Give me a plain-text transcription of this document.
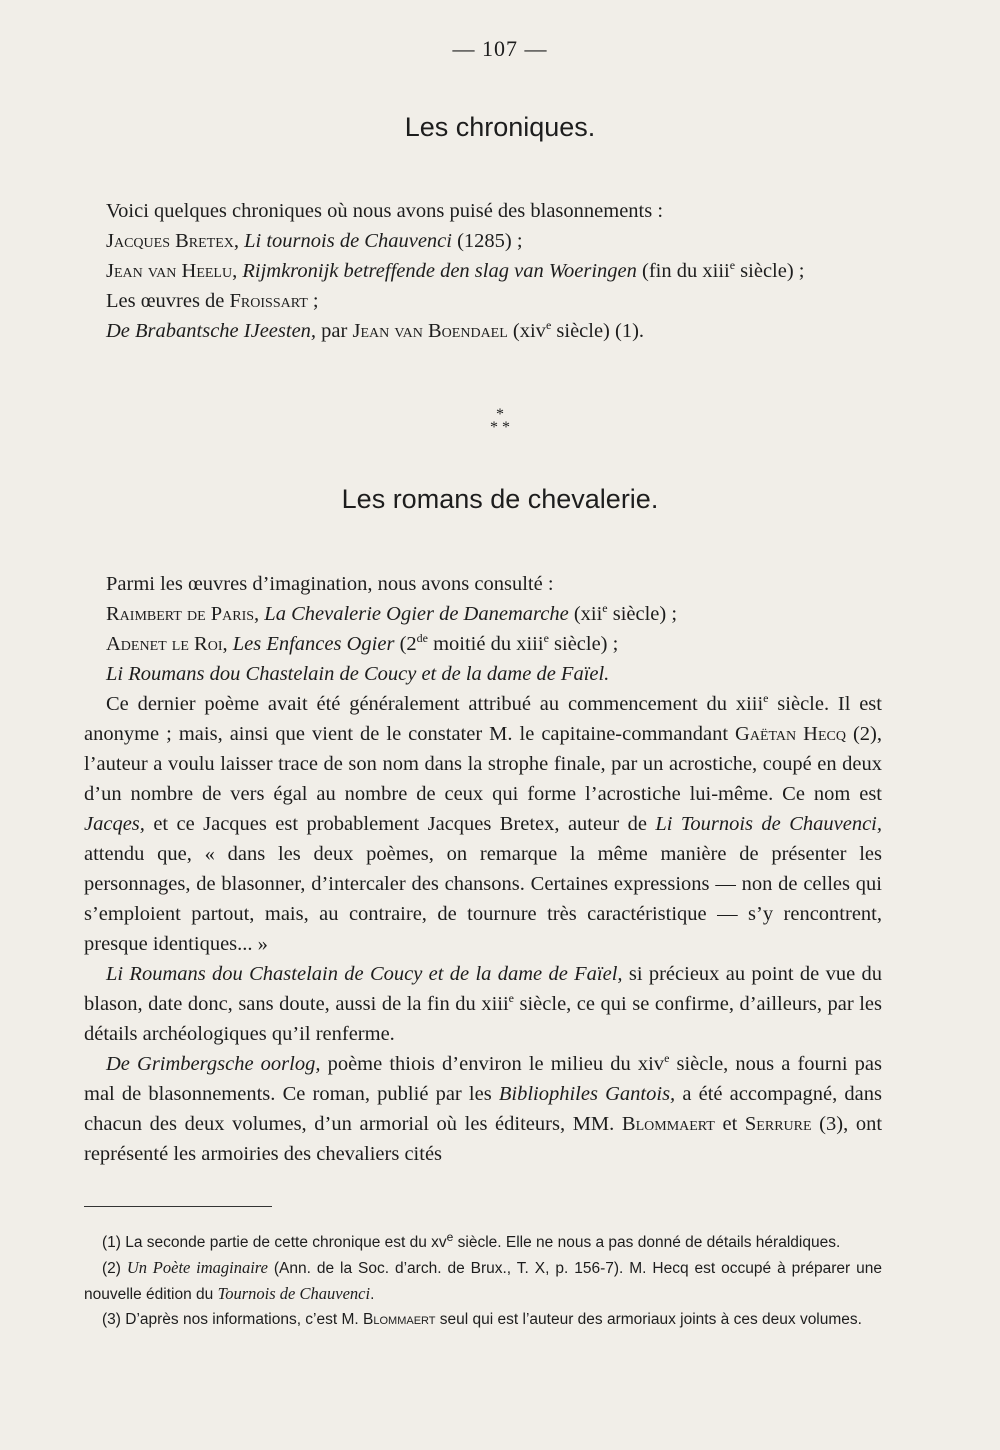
— 107 —
Les chroniques.

Voici quelques chroniques où nous avons puisé des blasonnements :

Jacques Bretex, Li tournois de Chauvenci (1285) ;

Jean van Heelu, Rijmkronijk betreffende den slag van Woeringen (fin du xiii$^e$ siècle) ;

Les œuvres de Froissart ;

De Brabantsche IJeesten, par Jean van Boendael (xiv$^e$ siècle) (1).

*
* *
Les romans de chevalerie.

Parmi les œuvres d’imagination, nous avons consulté :

Raimbert de Paris, La Chevalerie Ogier de Danemarche (xii$^e$ siècle) ;

Adenet le Roi, Les Enfances Ogier (2de moitié du xiii$^e$ siècle) ;

Li Roumans dou Chastelain de Coucy et de la dame de Faïel.

Ce dernier poème avait été généralement attribué au commencement du xiii$^e$ siècle. Il est anonyme ; mais, ainsi que vient de le constater M. le capitaine-commandant Gaëtan Hecq (2), l’auteur a voulu laisser trace de son nom dans la strophe finale, par un acrostiche, coupé en deux d’un nombre de vers égal au nombre de ceux qui forme l’acrostiche lui-même. Ce nom est Jacqes, et ce Jacques est probablement Jacques Bretex, auteur de Li Tournois de Chauvenci, attendu que, « dans les deux poèmes, on remarque la même manière de présenter les personnages, de blasonner, d’intercaler des chansons. Certaines expressions — non de celles qui s’emploient partout, mais, au contraire, de tournure très caractéristique — s’y rencontrent, presque identiques... »

Li Roumans dou Chastelain de Coucy et de la dame de Faïel, si précieux au point de vue du blason, date donc, sans doute, aussi de la fin du xiii$^e$ siècle, ce qui se confirme, d’ailleurs, par les détails archéologiques qu’il renferme.

De Grimbergsche oorlog, poème thiois d’environ le milieu du xiv$^e$ siècle, nous a fourni pas mal de blasonnements. Ce roman, publié par les Bibliophiles Gantois, a été accompagné, dans chacun des deux volumes, d’un armorial où les éditeurs, MM. Blommaert et Serrure (3), ont représenté les armoiries des chevaliers cités

(1) La seconde partie de cette chronique est du $xv^e$ siècle. Elle ne nous a pas donné de détails héraldiques.

(2) Un Poète imaginaire (Ann. de la Soc. d’arch. de Brux., T. X, p. 156-7). M. Hecq est occupé à préparer une nouvelle édition du Tournois de Chauvenci.

(3) D’après nos informations, c’est M. Blommaert seul qui est l’auteur des armoriaux joints à ces deux volumes.
